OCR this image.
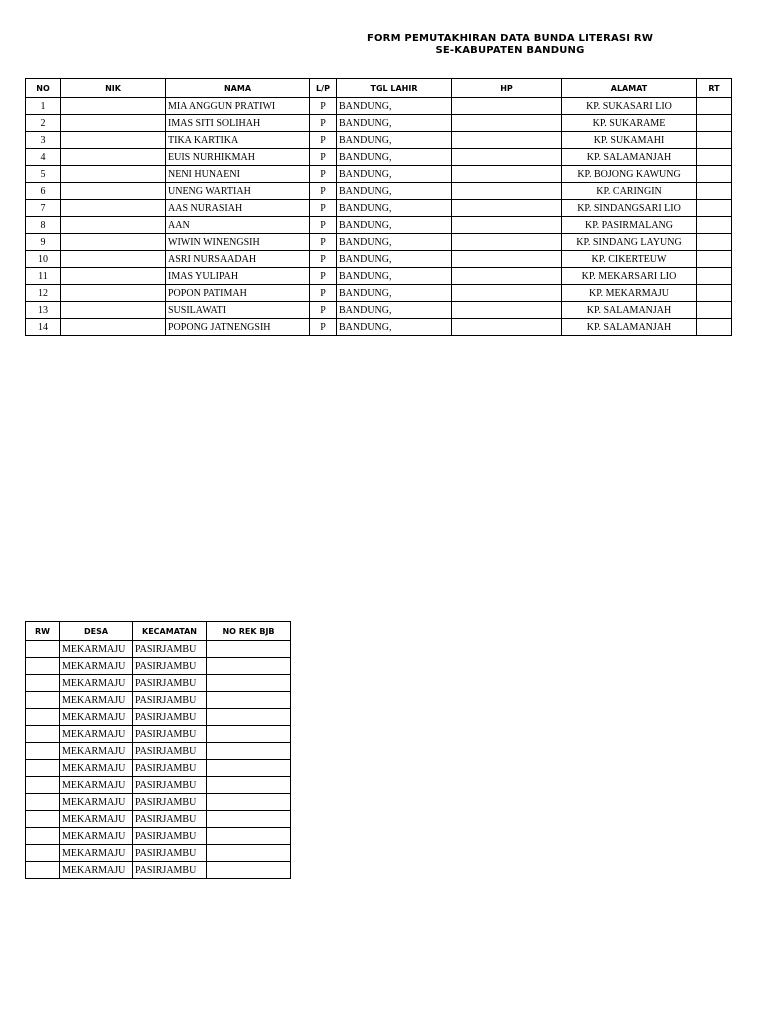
FORM PEMUTAKHIRAN DATA BUNDA LITERASI RW
SE-KABUPATEN BANDUNG
NO	NIK	NAMA	L/P	TGL LAHIR	HP	ALAMAT	RT
1		MIA ANGGUN PRATIWI	P	BANDUNG,		KP. SUKASARI LIO	
2		IMAS SITI SOLIHAH	P	BANDUNG,		KP. SUKARAME	
3		TIKA KARTIKA	P	BANDUNG,		KP. SUKAMAHI	
4		EUIS NURHIKMAH	P	BANDUNG,		KP. SALAMANJAH	
5		NENI HUNAENI	P	BANDUNG,		KP. BOJONG KAWUNG	
6		UNENG WARTIAH	P	BANDUNG,		KP. CARINGIN	
7		AAS NURASIAH	P	BANDUNG,		KP. SINDANGSARI LIO	
8		AAN	P	BANDUNG,		KP. PASIRMALANG	
9		WIWIN WINENGSIH	P	BANDUNG,		KP. SINDANG LAYUNG	
10		ASRI NURSAADAH	P	BANDUNG,		KP. CIKERTEUW	
11		IMAS YULIPAH	P	BANDUNG,		KP. MEKARSARI LIO	
12		POPON PATIMAH	P	BANDUNG,		KP. MEKARMAJU	
13		SUSILAWATI	P	BANDUNG,		KP. SALAMANJAH	
14		POPONG JATNENGSIH	P	BANDUNG,		KP. SALAMANJAH	
RW	DESA	KECAMATAN	NO REK BJB
	MEKARMAJU	PASIRJAMBU	
	MEKARMAJU	PASIRJAMBU	
	MEKARMAJU	PASIRJAMBU	
	MEKARMAJU	PASIRJAMBU	
	MEKARMAJU	PASIRJAMBU	
	MEKARMAJU	PASIRJAMBU	
	MEKARMAJU	PASIRJAMBU	
	MEKARMAJU	PASIRJAMBU	
	MEKARMAJU	PASIRJAMBU	
	MEKARMAJU	PASIRJAMBU	
	MEKARMAJU	PASIRJAMBU	
	MEKARMAJU	PASIRJAMBU	
	MEKARMAJU	PASIRJAMBU	
	MEKARMAJU	PASIRJAMBU	
